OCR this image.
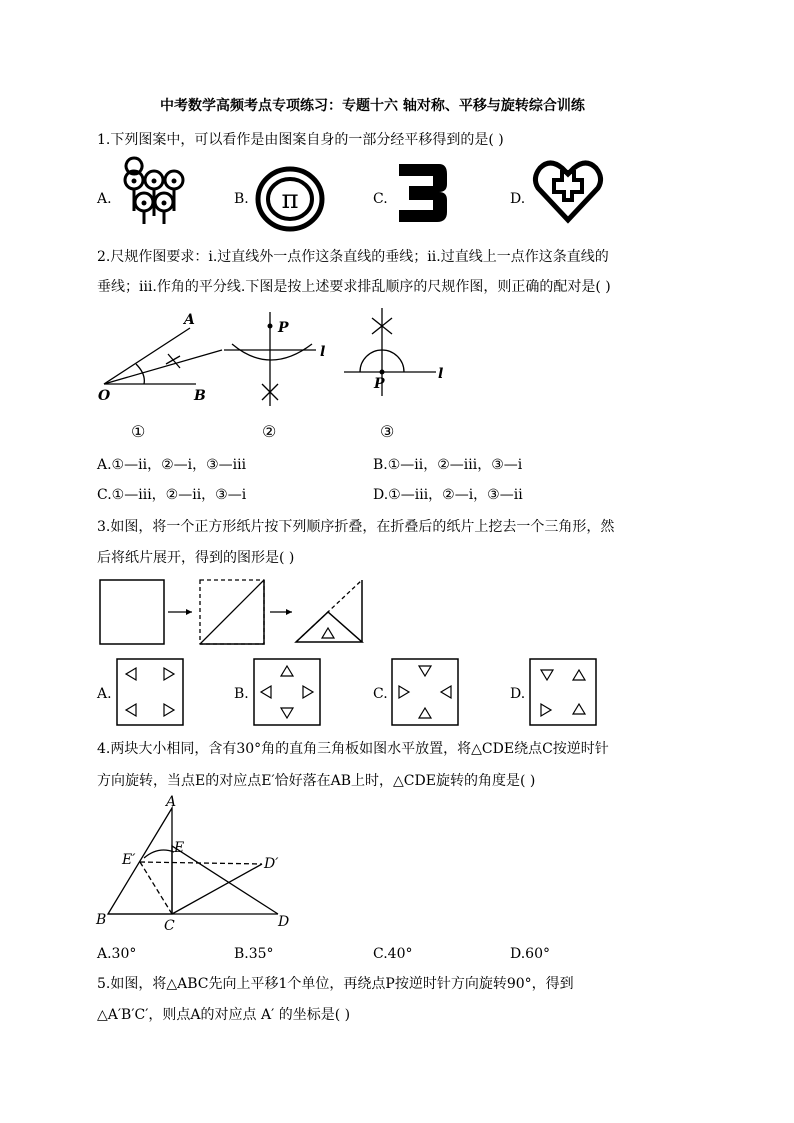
中考数学高频考点专项练习：专题十六 轴对称、平移与旋转综合训练
1.下列图案中，可以看作是由图案自身的一部分经平移得到的是( )
A.	B.	C.	D.
π
2.尺规作图要求：ⅰ.过直线外一点作这条直线的垂线；ⅱ.过直线上一点作这条直线的
垂线；ⅲ.作角的平分线.下图是按上述要求排乱顺序的尺规作图，则正确的配对是( )
A
O	B
P
l
P
l
①	②	③
A.①—ⅱ，②—ⅰ，③—ⅲ	B.①—ⅱ，②—ⅲ，③—ⅰ
C.①—ⅲ，②—ⅱ，③—ⅰ	D.①—ⅲ，②—ⅰ，③—ⅱ
3.如图，将一个正方形纸片按下列顺序折叠，在折叠后的纸片上挖去一个三角形，然
后将纸片展开，得到的图形是( )
A.	B.	C.	D.
4.两块大小相同，含有30°角的直角三角板如图水平放置，将△CDE绕点C按逆时针
方向旋转，当点E的对应点E′恰好落在AB上时，△CDE旋转的角度是( )
A
E
E′	D′
B	C	D
A.30°	B.35°	C.40°	D.60°
5.如图，将△ABC先向上平移1个单位，再绕点P按逆时针方向旋转90°，得到
△A′B′C′，则点A的对应点 A′ 的坐标是( )
